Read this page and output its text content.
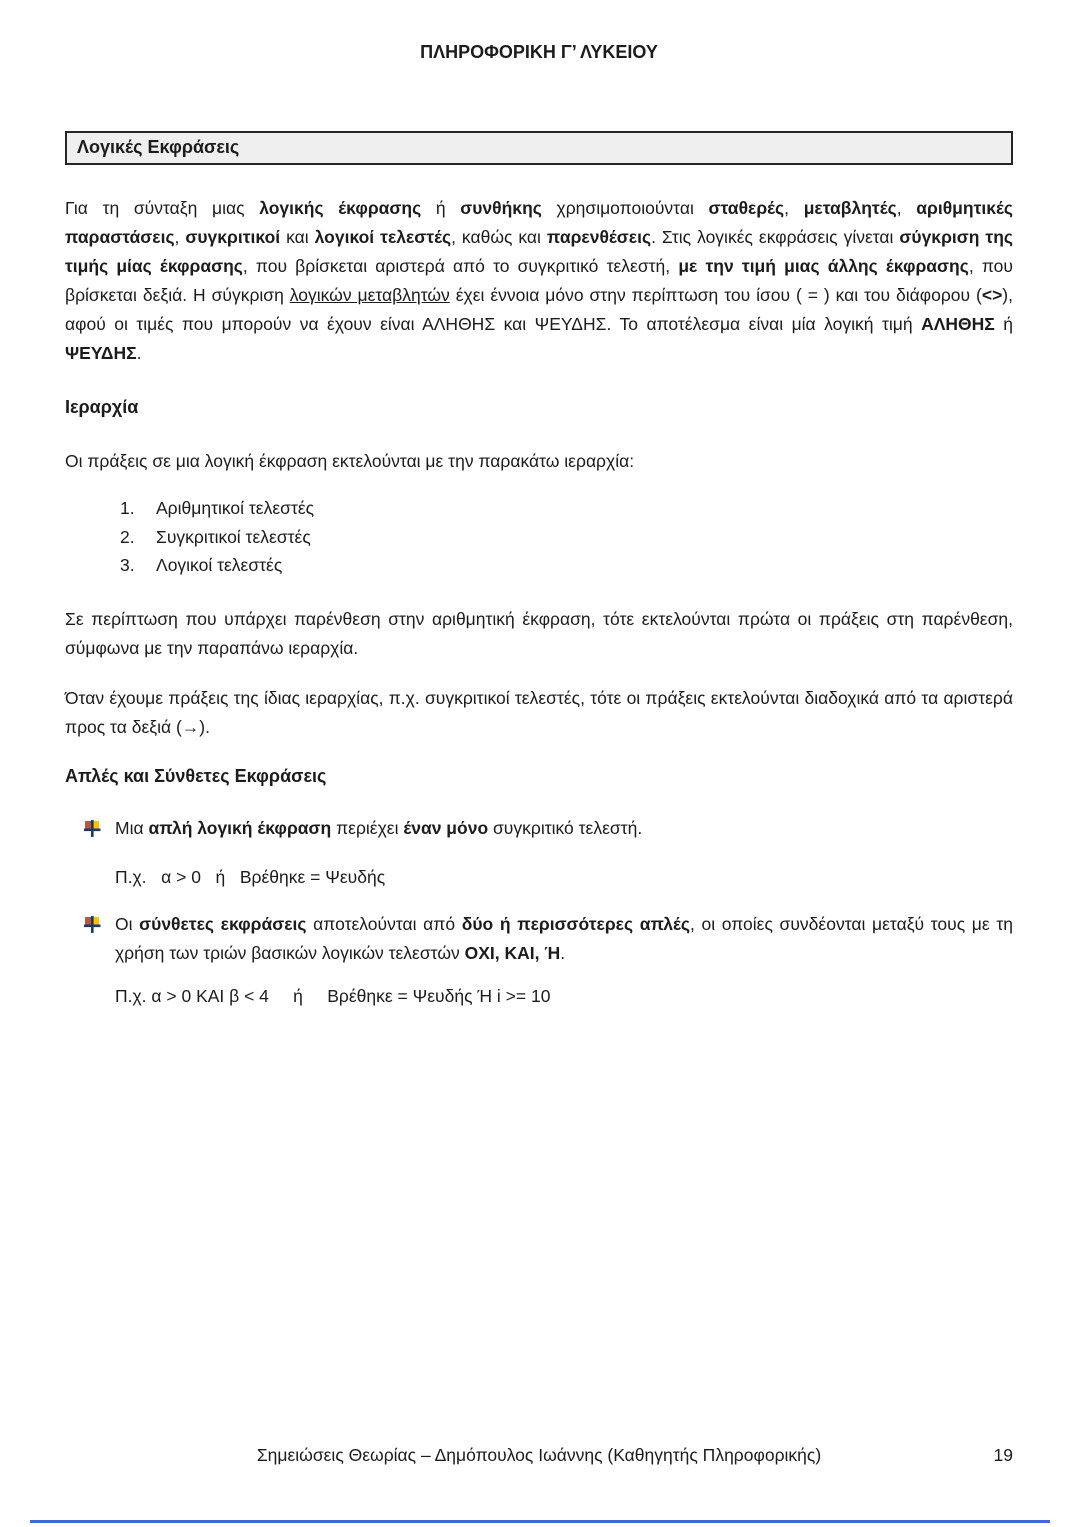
ΠΛΗΡΟΦΟΡΙΚΗ Γ’ ΛΥΚΕΙΟΥ
Λογικές Εκφράσεις

Για τη σύνταξη μιας λογικής έκφρασης ή συνθήκης χρησιμοποιούνται σταθερές, μεταβλητές, αριθμητικές παραστάσεις, συγκριτικοί και λογικοί τελεστές, καθώς και παρενθέσεις. Στις λογικές εκφράσεις γίνεται σύγκριση της τιμής μίας έκφρασης, που βρίσκεται αριστερά από το συγκριτικό τελεστή, με την τιμή μιας άλλης έκφρασης, που βρίσκεται δεξιά. Η σύγκριση λογικών μεταβλητών έχει έννοια μόνο στην περίπτωση του ίσου ( = ) και του διάφορου (<>), αφού οι τιμές που μπορούν να έχουν είναι ΑΛΗΘΗΣ και ΨΕΥΔΗΣ. Το αποτέλεσμα είναι μία λογική τιμή ΑΛΗΘΗΣ ή ΨΕΥΔΗΣ.

Ιεραρχία

Οι πράξεις σε μια λογική έκφραση εκτελούνται με την παρακάτω ιεραρχία:

1.	Αριθμητικοί τελεστές
2.	Συγκριτικοί τελεστές
3.	Λογικοί τελεστές

Σε περίπτωση που υπάρχει παρένθεση στην αριθμητική έκφραση, τότε εκτελούνται πρώτα οι πράξεις στη παρένθεση, σύμφωνα με την παραπάνω ιεραρχία.

Όταν έχουμε πράξεις της ίδιας ιεραρχίας, π.χ. συγκριτικοί τελεστές, τότε οι πράξεις εκτελούνται διαδοχικά από τα αριστερά προς τα δεξιά (→).

Απλές και Σύνθετες Εκφράσεις
Μια απλή λογική έκφραση περιέχει έναν μόνο συγκριτικό τελεστή.
Π.χ.   α > 0   ή   Βρέθηκε = Ψευδής
Οι σύνθετες εκφράσεις αποτελούνται από δύο ή περισσότερες απλές, οι οποίες συνδέονται μεταξύ τους με τη χρήση των τριών βασικών λογικών τελεστών ΟΧΙ, ΚΑΙ, Ή.
Π.χ. α > 0 ΚΑΙ β < 4     ή     Βρέθηκε = Ψευδής Ή i >= 10
Σημειώσεις Θεωρίας – Δημόπουλος Ιωάννης (Καθηγητής Πληροφορικής)	19
